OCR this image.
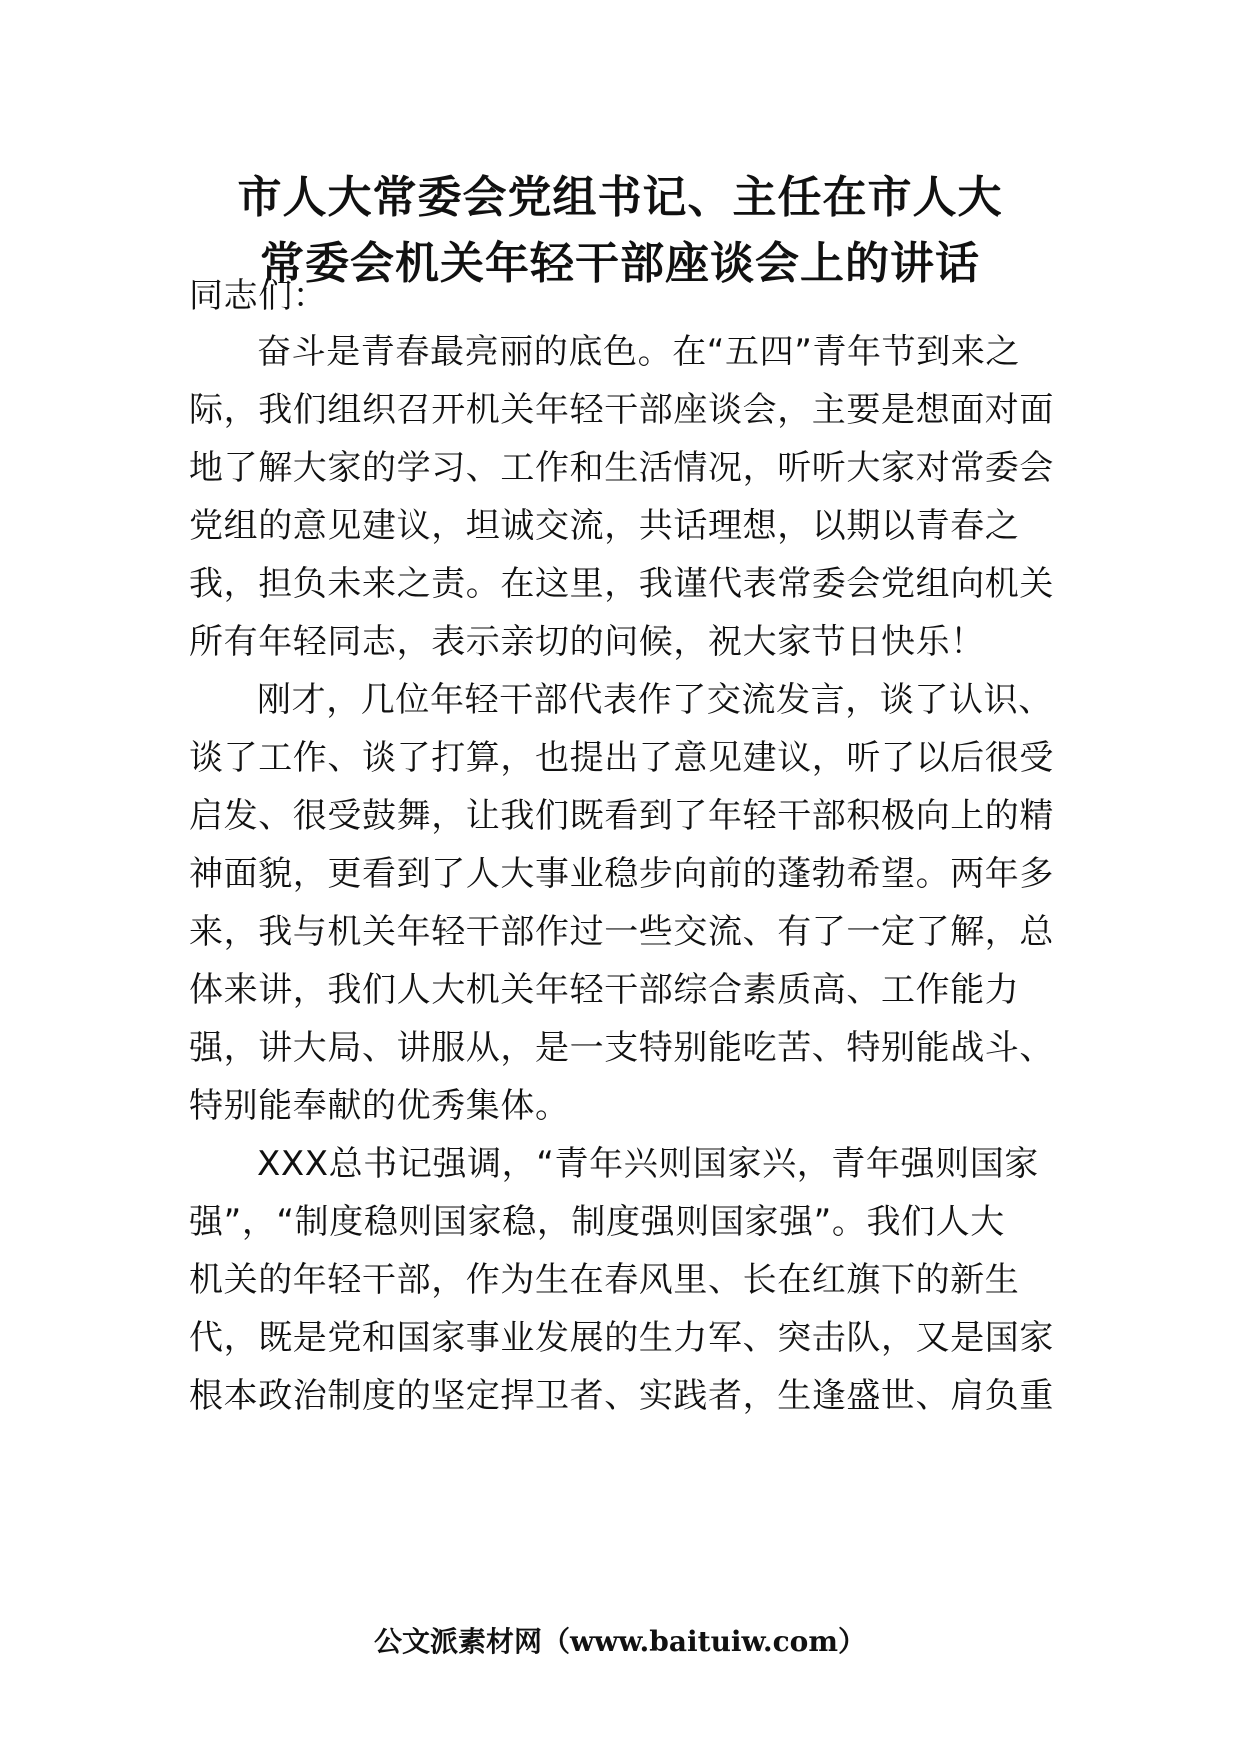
市人大常委会党组书记、主任在市人大
常委会机关年轻干部座谈会上的讲话
同志们：
奋斗是青春最亮丽的底色。在“五四”青年节到来之
际，我们组织召开机关年轻干部座谈会，主要是想面对面
地了解大家的学习、工作和生活情况，听听大家对常委会
党组的意见建议，坦诚交流，共话理想，以期以青春之
我，担负未来之责。在这里，我谨代表常委会党组向机关
所有年轻同志，表示亲切的问候，祝大家节日快乐！
刚才，几位年轻干部代表作了交流发言，谈了认识、
谈了工作、谈了打算，也提出了意见建议，听了以后很受
启发、很受鼓舞，让我们既看到了年轻干部积极向上的精
神面貌，更看到了人大事业稳步向前的蓬勃希望。两年多
来，我与机关年轻干部作过一些交流、有了一定了解，总
体来讲，我们人大机关年轻干部综合素质高、工作能力
强，讲大局、讲服从，是一支特别能吃苦、特别能战斗、
特别能奉献的优秀集体。
XXX总书记强调，“青年兴则国家兴，青年强则国家
强”，“制度稳则国家稳，制度强则国家强”。我们人大
机关的年轻干部，作为生在春风里、长在红旗下的新生
代，既是党和国家事业发展的生力军、突击队，又是国家
根本政治制度的坚定捍卫者、实践者，生逢盛世、肩负重
公文派素材网（www.baituiw.com）
